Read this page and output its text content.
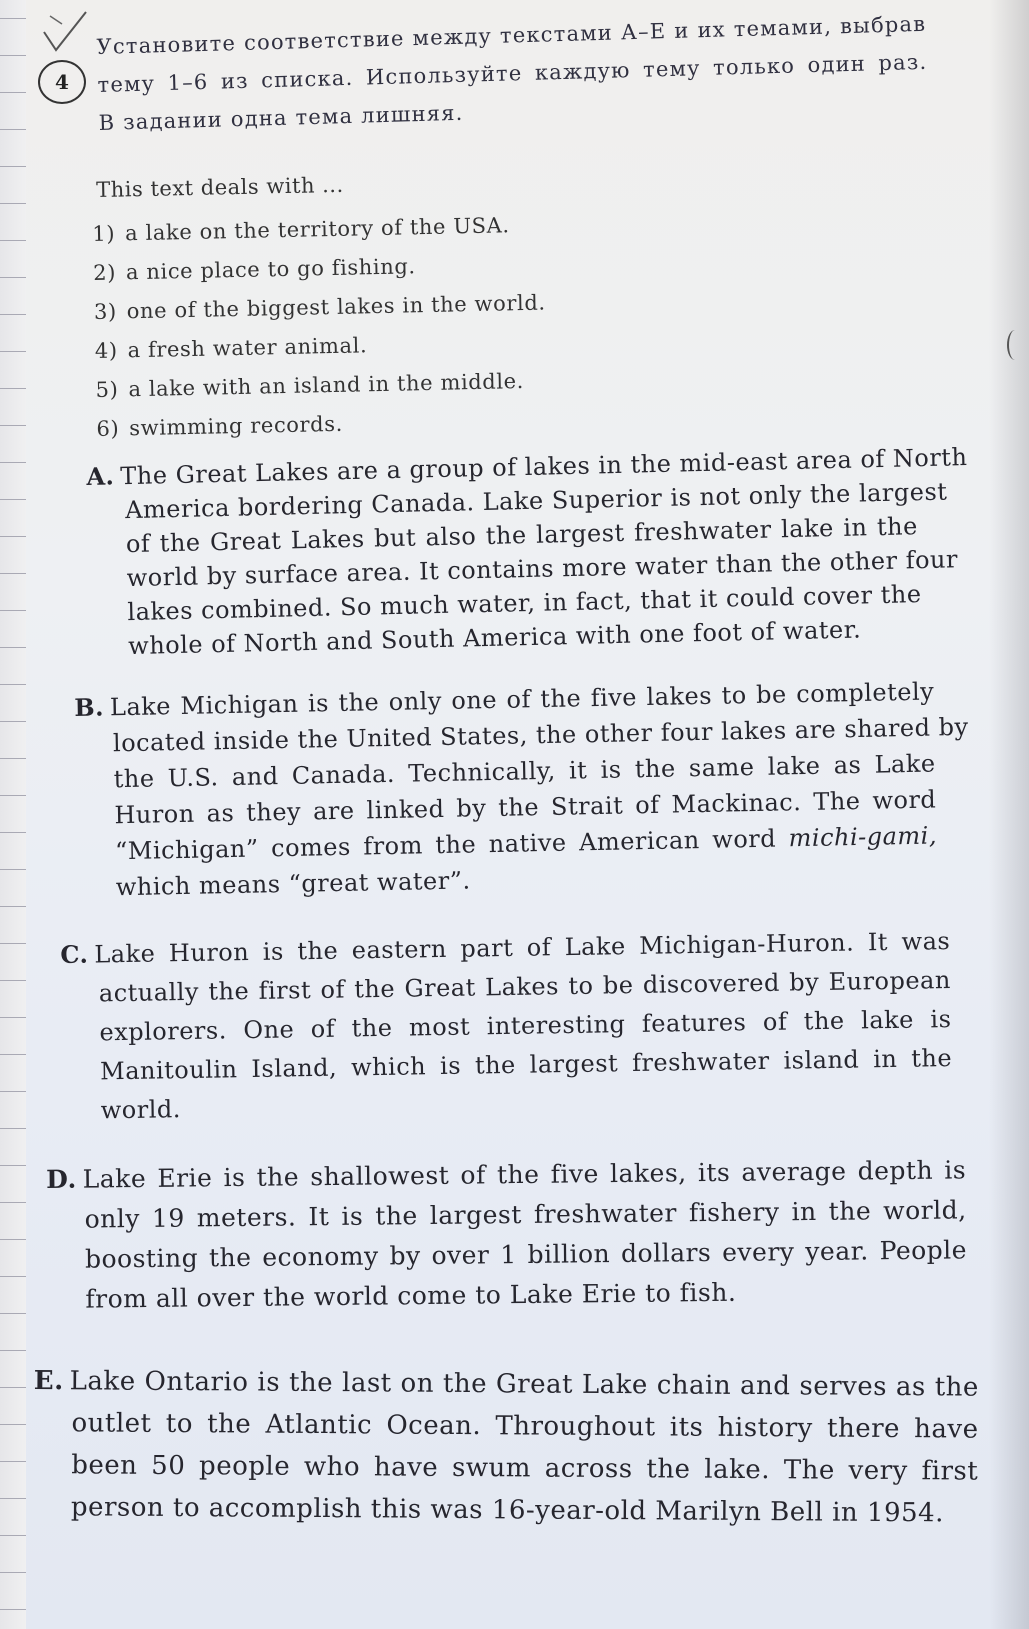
4
Установите соответствие между текстами А–Е и их темами, выбрав
тему 1–6 из списка. Используйте каждую тему только один раз.
В задании одна тема лишняя.
This text deals with ...
1) a lake on the territory of the USA.
2) a nice place to go fishing.
3) one of the biggest lakes in the world.
4) a fresh water animal.
5) a lake with an island in the middle.
6) swimming records.
A. The Great Lakes are a group of lakes in the mid-east area of North
America bordering Canada. Lake Superior is not only the largest
of the Great Lakes but also the largest freshwater lake in the
world by surface area. It contains more water than the other four
lakes combined. So much water, in fact, that it could cover the
whole of North and South America with one foot of water.
B. Lake Michigan is the only one of the five lakes to be completely
located inside the United States, the other four lakes are shared by
the U.S. and Canada. Technically, it is the same lake as Lake
Huron as they are linked by the Strait of Mackinac. The word
“Michigan” comes from the native American word michi-gami,
which means “great water”.
C. Lake Huron is the eastern part of Lake Michigan-Huron. It was
actually the first of the Great Lakes to be discovered by European
explorers. One of the most interesting features of the lake is
Manitoulin Island, which is the largest freshwater island in the
world.
D. Lake Erie is the shallowest of the five lakes, its average depth is
only 19 meters. It is the largest freshwater fishery in the world,
boosting the economy by over 1 billion dollars every year. People
from all over the world come to Lake Erie to fish.
E. Lake Ontario is the last on the Great Lake chain and serves as the
outlet to the Atlantic Ocean. Throughout its history there have
been 50 people who have swum across the lake. The very first
person to accomplish this was 16-year-old Marilyn Bell in 1954.
